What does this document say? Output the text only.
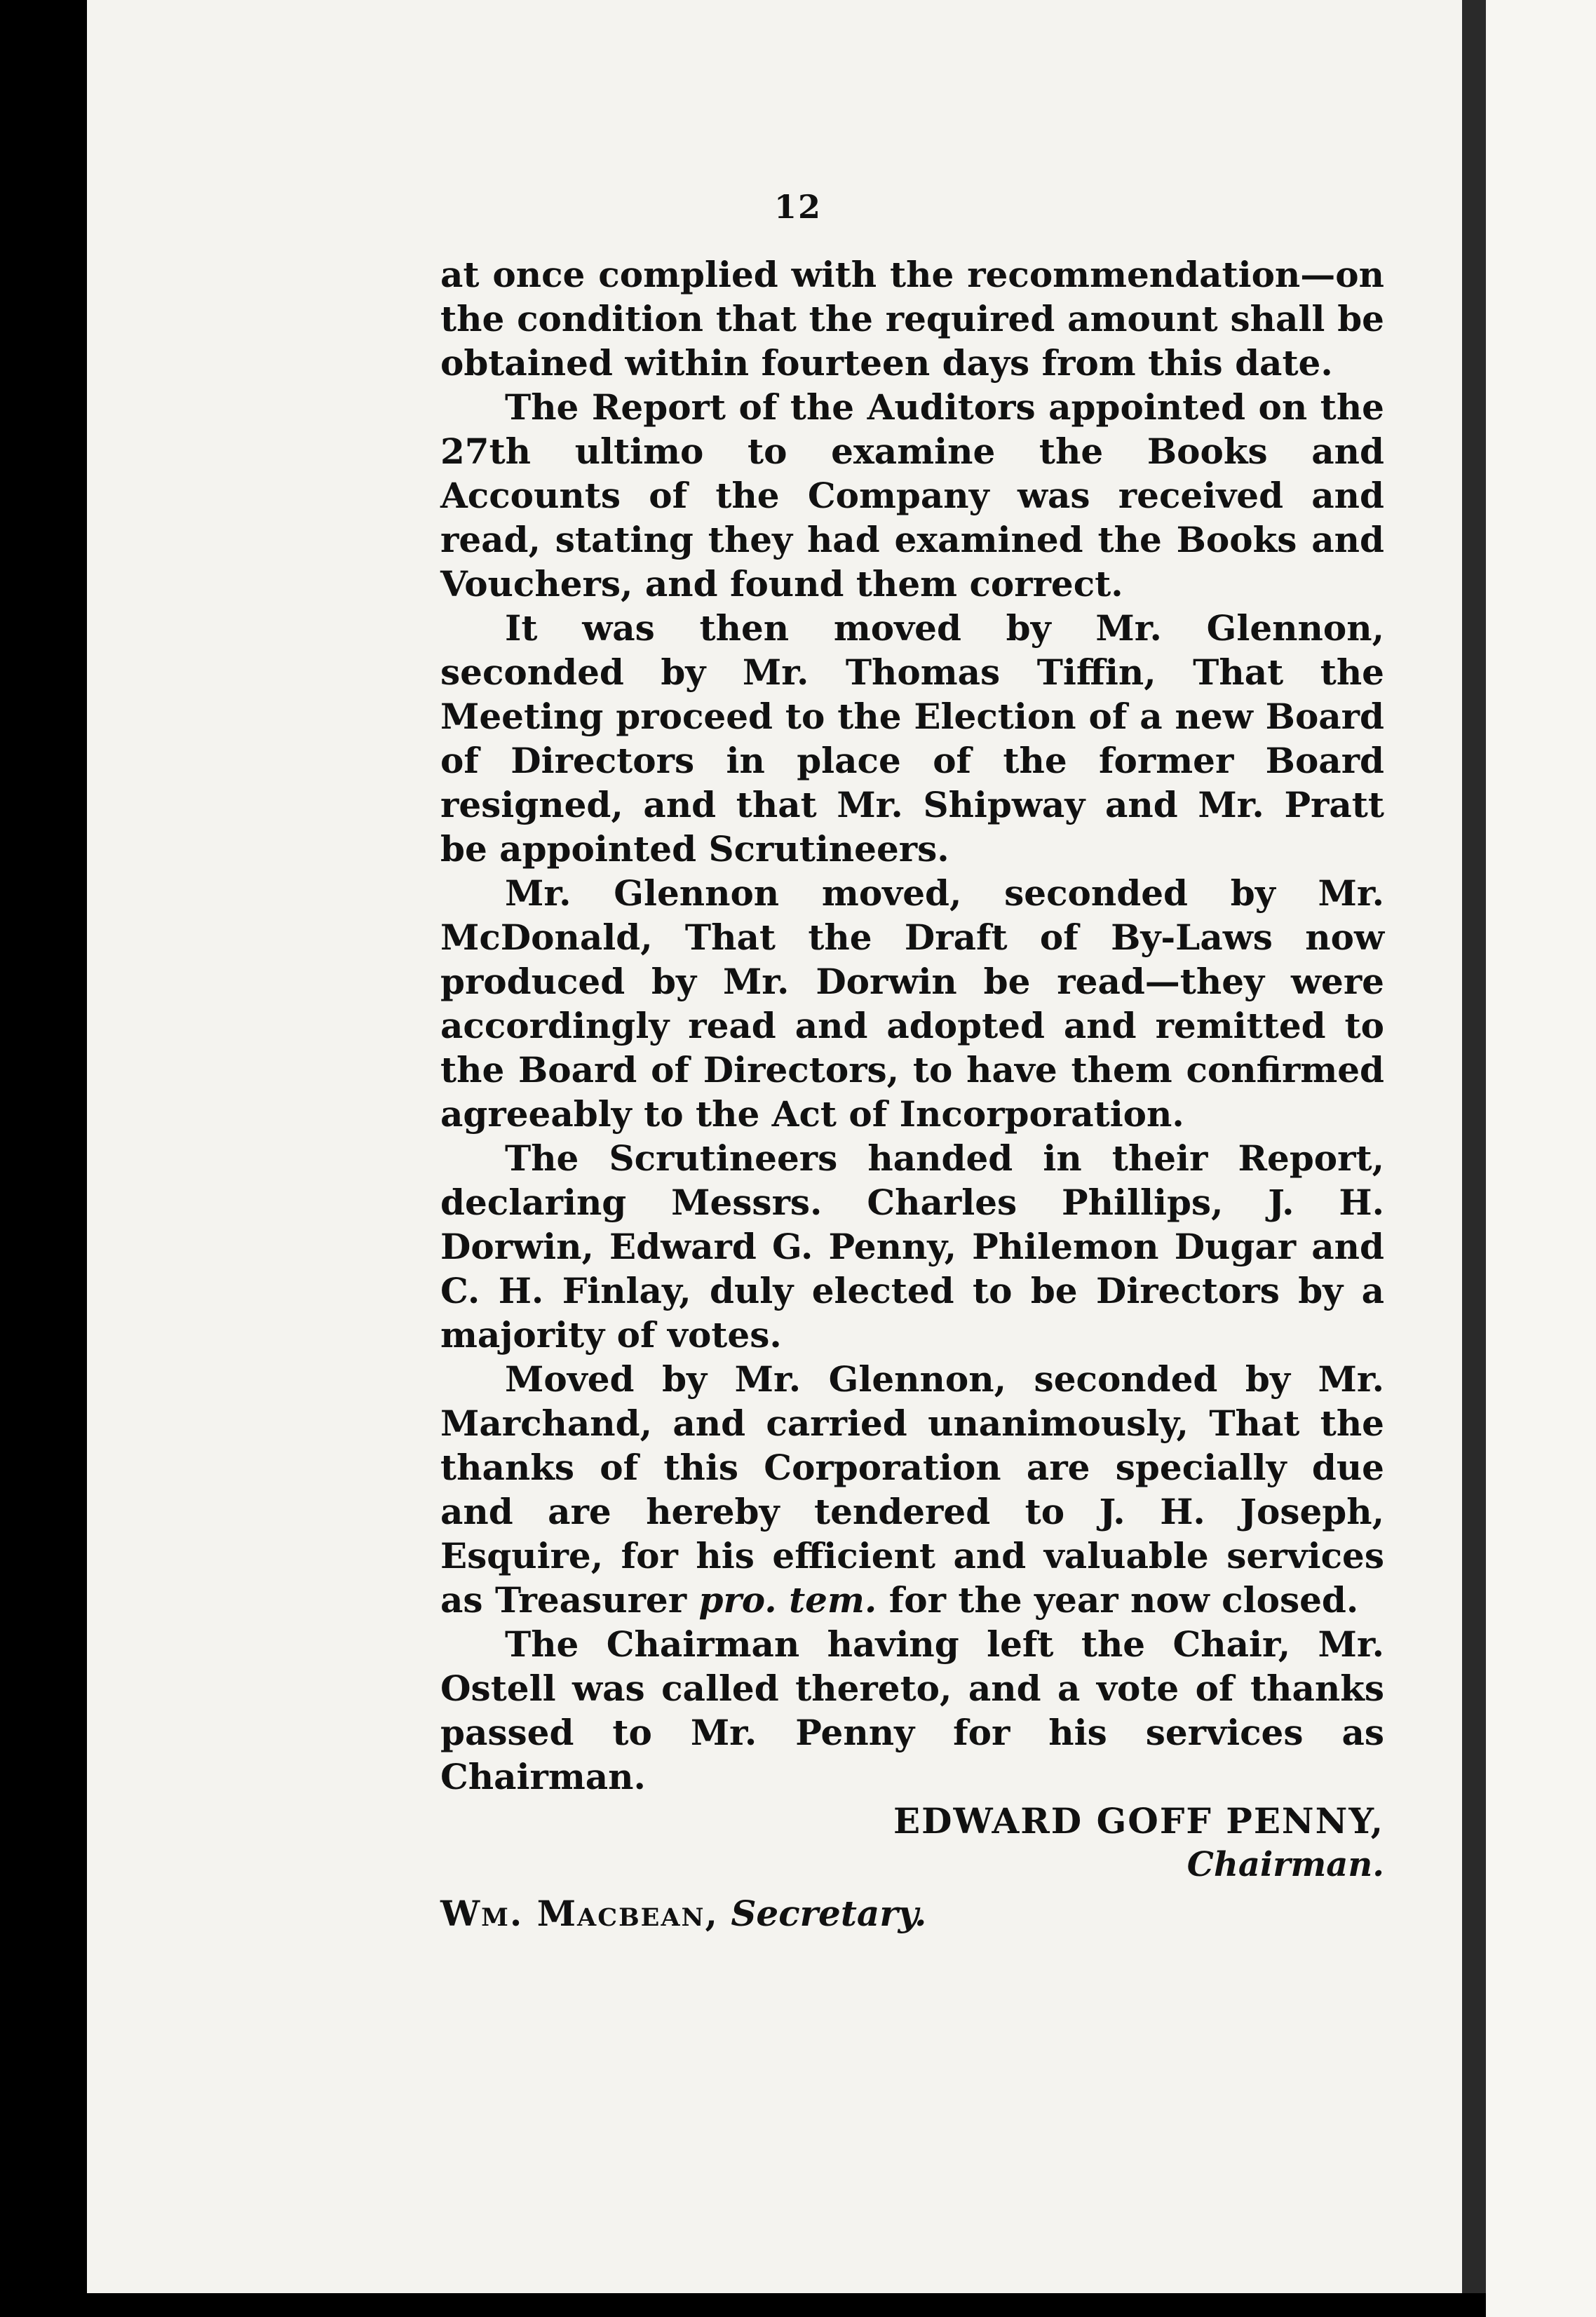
12

at once complied with the recommendation—on the condition that the required amount shall be obtained within fourteen days from this date.

The Report of the Auditors appointed on the 27th ultimo to examine the Books and Accounts of the Company was received and read, stating they had examined the Books and Vouchers, and found them correct.

It was then moved by Mr. Glennon, seconded by Mr. Thomas Tiffin, That the Meeting proceed to the Election of a new Board of Directors in place of the former Board resigned, and that Mr. Shipway and Mr. Pratt be appointed Scrutineers.

Mr. Glennon moved, seconded by Mr. McDonald, That the Draft of By-Laws now produced by Mr. Dorwin be read—they were accordingly read and adopted and remitted to the Board of Directors, to have them confirmed agreeably to the Act of Incorporation.

The Scrutineers handed in their Report, declaring Messrs. Charles Phillips, J. H. Dorwin, Edward G. Penny, Philemon Dugar and C. H. Finlay, duly elected to be Directors by a majority of votes.

Moved by Mr. Glennon, seconded by Mr. Marchand, and carried unanimously, That the thanks of this Corporation are specially due and are hereby tendered to J. H. Joseph, Esquire, for his efficient and valuable services as Treasurer pro. tem. for the year now closed.

The Chairman having left the Chair, Mr. Ostell was called thereto, and a vote of thanks passed to Mr. Penny for his services as Chairman.

EDWARD GOFF PENNY,

Chairman.

Wm. Macbean, Secretary.
